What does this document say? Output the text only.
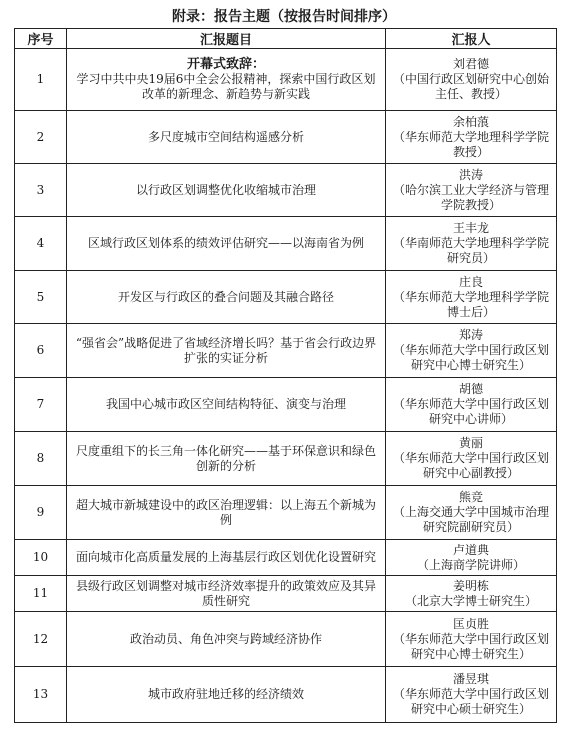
附录：报告主题（按报告时间排序）
序号	汇报题目	汇报人
1	开幕式致辞：
学习中共中央19届6中全会公报精神，探索中国行政区划改革的新理念、新趋势与新实践	刘君德
（中国行政区划研究中心创始主任、教授）

2	多尺度城市空间结构遥感分析	余柏蒗
（华东师范大学地理科学学院教授）

3	以行政区划调整优化收缩城市治理	洪涛
（哈尔滨工业大学经济与管理学院教授）

4	区域行政区划体系的绩效评估研究——以海南省为例	王丰龙
（华南师范大学地理科学学院研究员）

5	开发区与行政区的叠合问题及其融合路径	庄良
（华东师范大学地理科学学院博士后）

6	“强省会”战略促进了省域经济增长吗？基于省会行政边界扩张的实证分析	郑涛
（华东师范大学中国行政区划研究中心博士研究生）

7	我国中心城市政区空间结构特征、演变与治理	胡德
（华东师范大学中国行政区划研究中心讲师）

8	尺度重组下的长三角一体化研究——基于环保意识和绿色创新的分析	黄丽
（华东师范大学中国行政区划研究中心副教授）

9	超大城市新城建设中的政区治理逻辑：以上海五个新城为例	熊竞
（上海交通大学中国城市治理研究院副研究员）

10	面向城市化高质量发展的上海基层行政区划优化设置研究	卢道典
（上海商学院讲师）

11	县级行政区划调整对城市经济效率提升的政策效应及其异质性研究	姜明栋
（北京大学博士研究生）

12	政治动员、角色冲突与跨域经济协作	匡贞胜
（华东师范大学中国行政区划研究中心博士研究生）

13	城市政府驻地迁移的经济绩效	潘昱琪
（华东师范大学中国行政区划研究中心硕士研究生）
